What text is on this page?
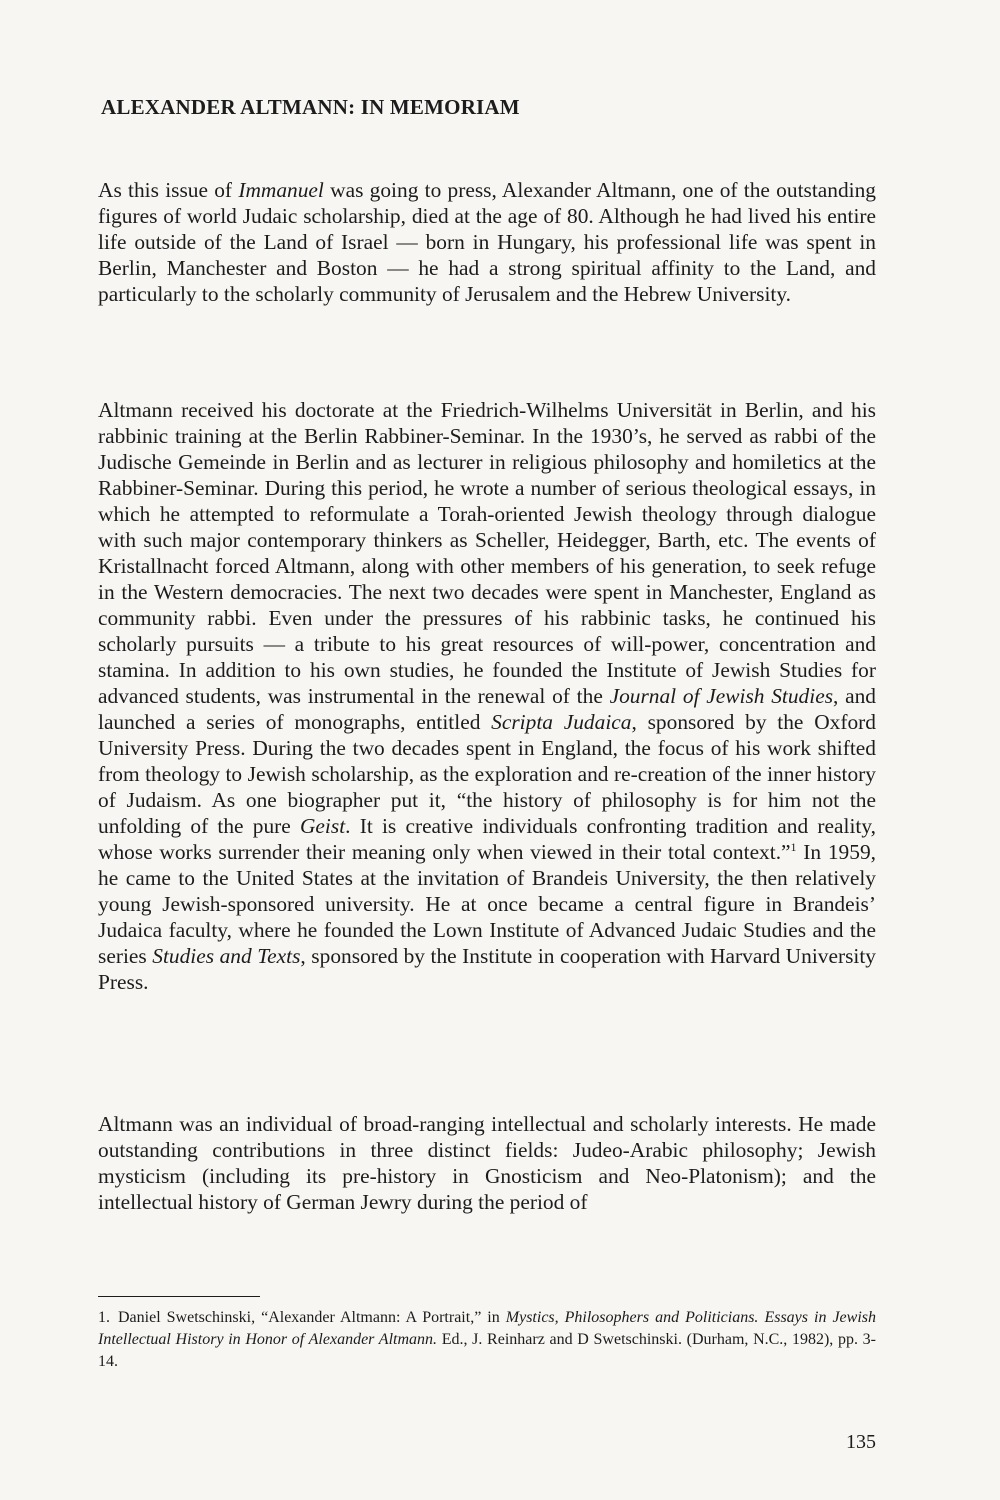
ALEXANDER ALTMANN: IN MEMORIAM

As this issue of Immanuel was going to press, Alexander Altmann, one of the outstanding figures of world Judaic scholarship, died at the age of 80. Although he had lived his entire life outside of the Land of Israel — born in Hungary, his professional life was spent in Berlin, Manchester and Boston — he had a strong spiritual affinity to the Land, and particularly to the scholarly community of Jerusalem and the Hebrew University.

Altmann received his doctorate at the Friedrich-Wilhelms Universität in Berlin, and his rabbinic training at the Berlin Rabbiner-Seminar. In the 1930’s, he served as rabbi of the Judische Gemeinde in Berlin and as lecturer in religious philosophy and homiletics at the Rabbiner-Seminar. During this period, he wrote a number of serious theological essays, in which he attempted to reformulate a Torah-oriented Jewish theology through dialogue with such major contemporary thinkers as Scheller, Heidegger, Barth, etc. The events of Kristallnacht forced Altmann, along with other members of his generation, to seek refuge in the Western democracies. The next two decades were spent in Manchester, England as community rabbi. Even under the pressures of his rabbinic tasks, he continued his scholarly pursuits — a tribute to his great resources of will-power, concentration and stamina. In addition to his own studies, he founded the Institute of Jewish Studies for advanced students, was instrumental in the renewal of the Journal of Jewish Studies, and launched a series of monographs, entitled Scripta Judaica, sponsored by the Oxford University Press. During the two decades spent in England, the focus of his work shifted from theology to Jewish scholarship, as the exploration and re-creation of the inner history of Judaism. As one biographer put it, “the history of philosophy is for him not the unfolding of the pure Geist. It is creative individuals confronting tradition and reality, whose works surrender their meaning only when viewed in their total context.”$^1$ In 1959, he came to the United States at the invitation of Brandeis University, the then relatively young Jewish-sponsored university. He at once became a central figure in Brandeis’ Judaica faculty, where he founded the Lown Institute of Advanced Judaic Studies and the series Studies and Texts, sponsored by the Institute in cooperation with Harvard University Press.

Altmann was an individual of broad-ranging intellectual and scholarly interests. He made outstanding contributions in three distinct fields: Judeo-Arabic philosophy; Jewish mysticism (including its pre-history in Gnosticism and Neo-Platonism); and the intellectual history of German Jewry during the period of

1. Daniel Swetschinski, “Alexander Altmann: A Portrait,” in Mystics, Philosophers and Politicians. Essays in Jewish Intellectual History in Honor of Alexander Altmann. Ed., J. Reinharz and D Swetschinski. (Durham, N.C., 1982), pp. 3-14.

135
